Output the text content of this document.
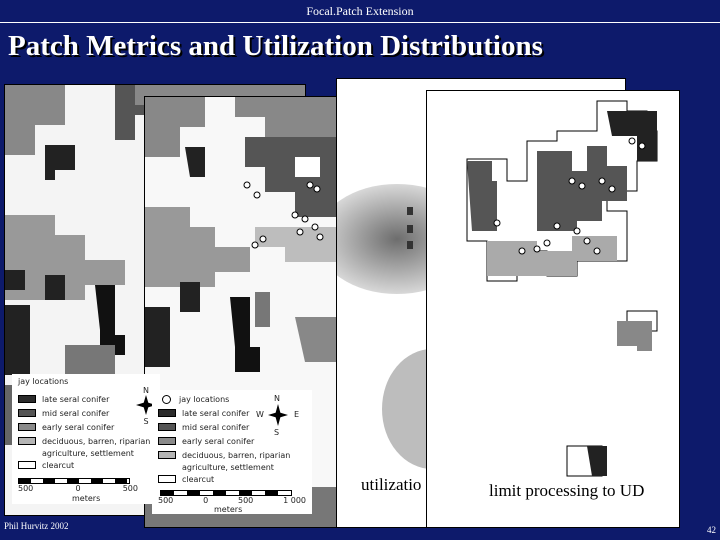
Focal.Patch Extension
Patch Metrics and Utilization Distributions
jay locations
late seral conifer
mid seral conifer
early seral conifer
deciduous, barren, riparian
agriculture, settlement
clearcut
500	0	500
meters
N
S
jay locations
late seral conifer
mid seral conifer
early seral conifer
deciduous, barren, riparian
agriculture, settlement
clearcut
500	0	500	1 000
meters
N
W	E
S
utilizatio	limit processing to UD
Phil Hurvitz 2002	42
